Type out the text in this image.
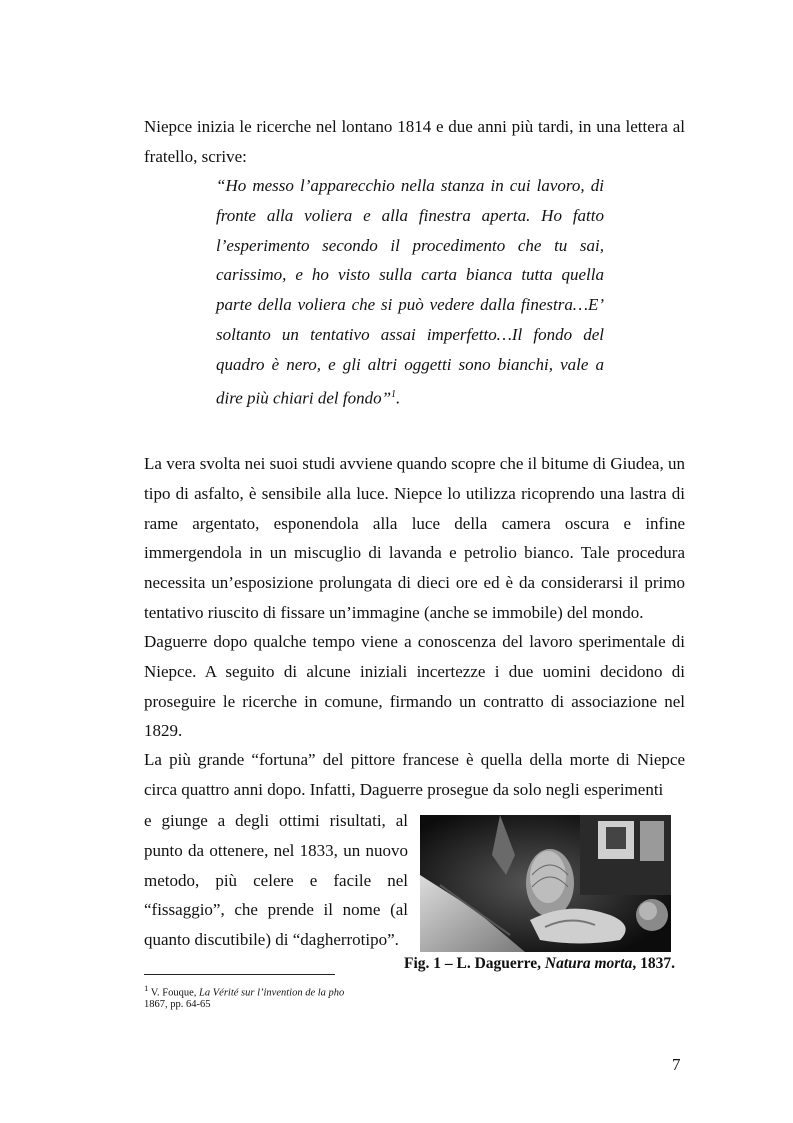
Niepce inizia le ricerche nel lontano 1814 e due anni più tardi, in una lettera al fratello, scrive:

“Ho messo l’apparecchio nella stanza in cui lavoro, di fronte alla voliera e alla finestra aperta. Ho fatto l’esperimento secondo il procedimento che tu sai, carissimo, e ho visto sulla carta bianca tutta quella parte della voliera che si può vedere dalla finestra…E’ soltanto un tentativo assai imperfetto…Il fondo del quadro è nero, e gli altri oggetti sono bianchi, vale a dire più chiari del fondo”$^1$.

La vera svolta nei suoi studi avviene quando scopre che il bitume di Giudea, un tipo di asfalto, è sensibile alla luce. Niepce lo utilizza ricoprendo una lastra di rame argentato, esponendola alla luce della camera oscura e infine immergendola in un miscuglio di lavanda e petrolio bianco. Tale procedura necessita un’esposizione prolungata di dieci ore ed è da considerarsi il primo tentativo riuscito di fissare un’immagine (anche se immobile) del mondo.

Daguerre dopo qualche tempo viene a conoscenza del lavoro sperimentale di Niepce. A seguito di alcune iniziali incertezze i due uomini decidono di proseguire le ricerche in comune, firmando un contratto di associazione nel 1829.

La più grande “fortuna” del pittore francese è quella della morte di Niepce circa quattro anni dopo. Infatti, Daguerre prosegue da solo negli esperimenti

e giunge a degli ottimi risultati, al punto da ottenere, nel 1833, un nuovo metodo, più celere e facile nel “fissaggio”, che prende il nome (al quanto discutibile) di “dagherrotipo”.

Fig. 1 – L. Daguerre, Natura morta, 1837.
$^1$ V. Fouque, La Vérité sur l’invention de la pho
1867, pp. 64-65
7
